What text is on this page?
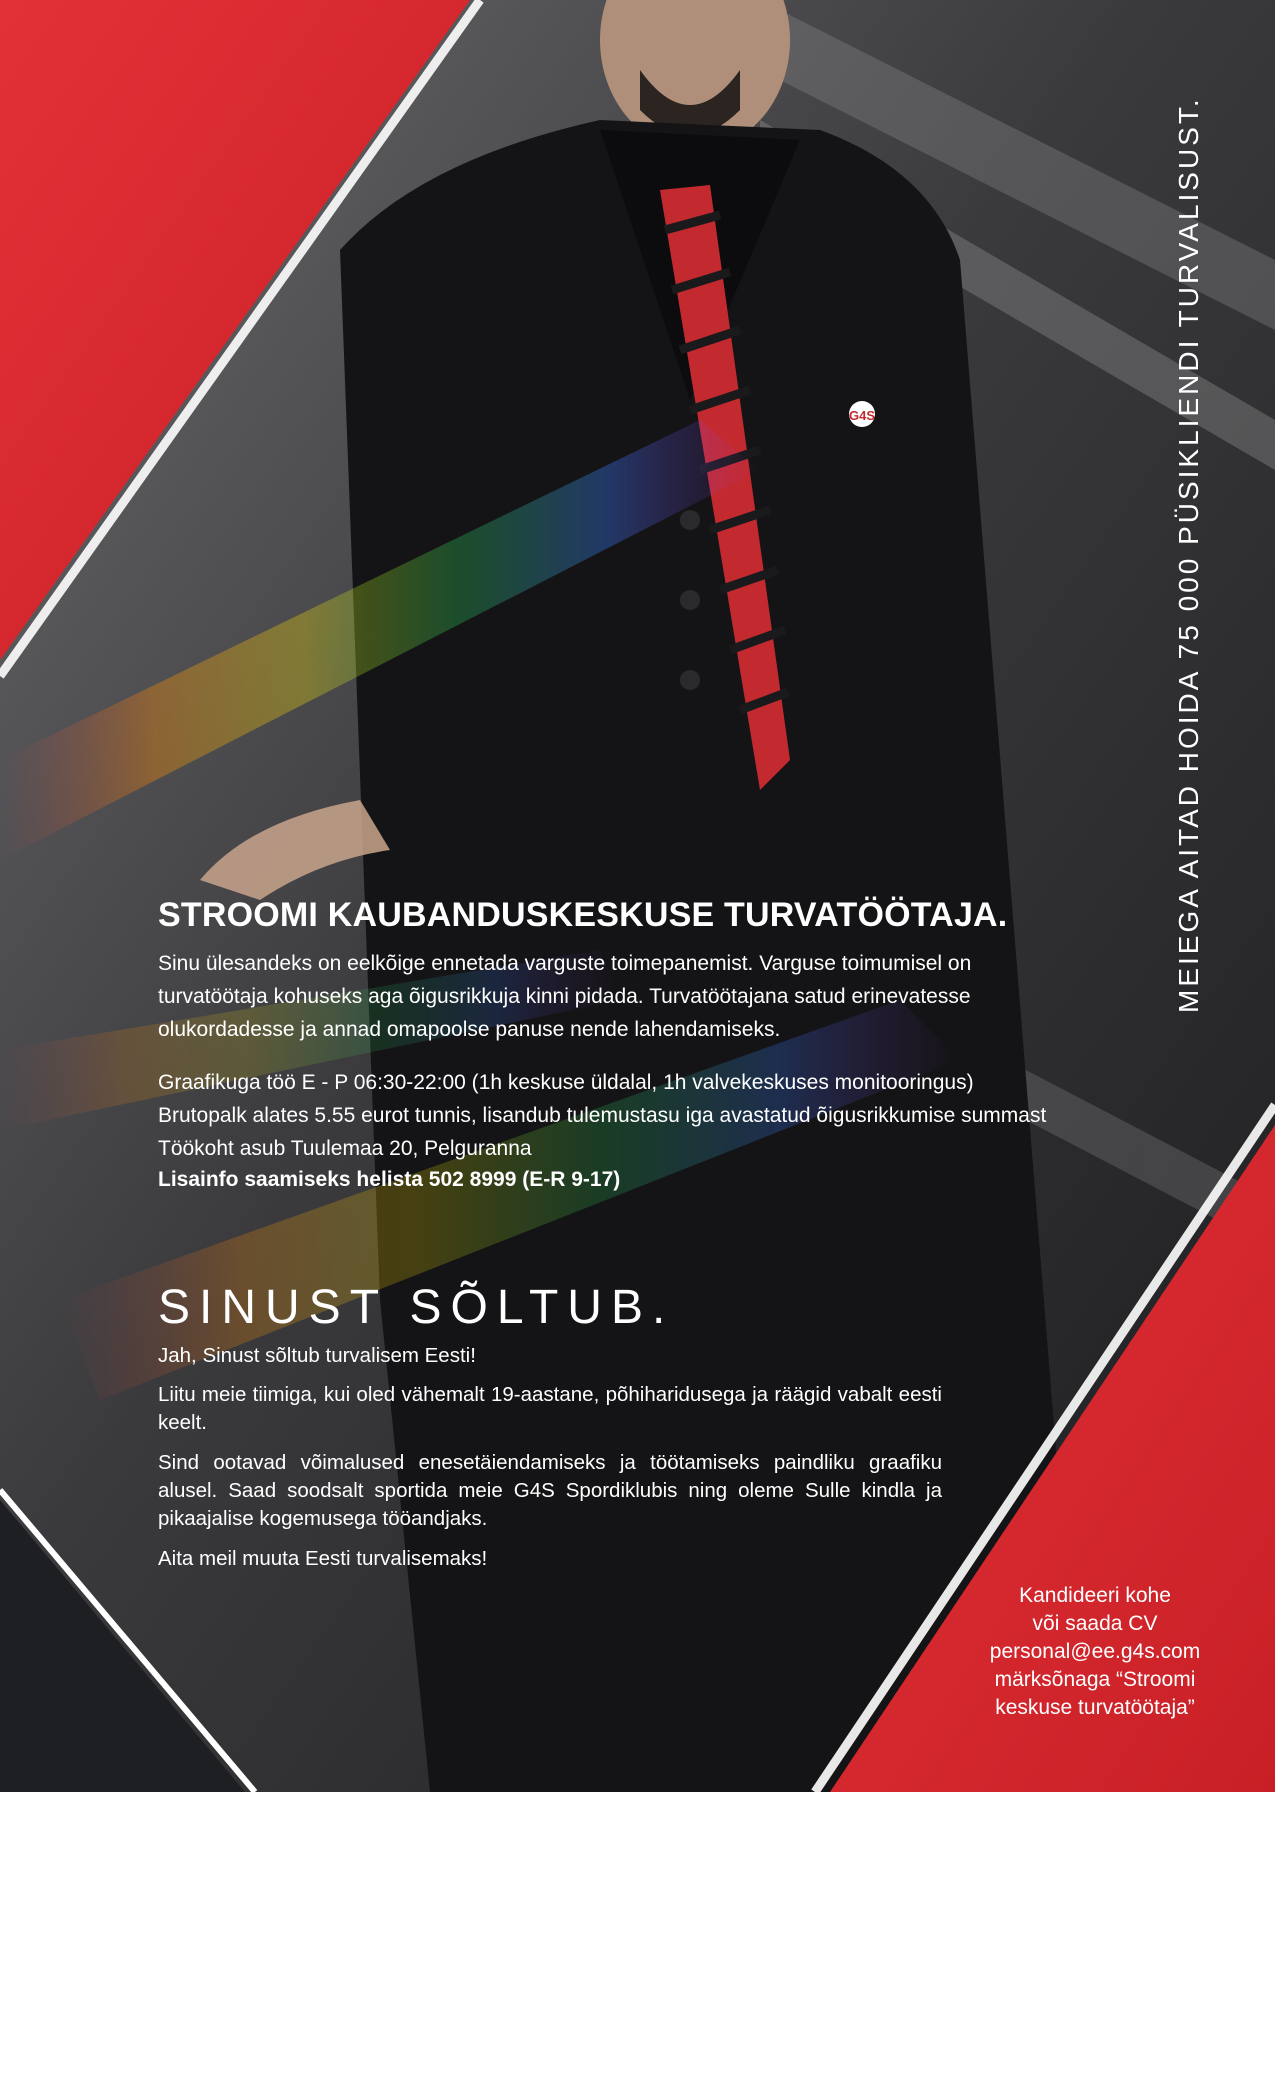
G4S	MEIEGA AITAD HOIDA 75 000 PÜSIKLIENDI TURVALISUST.
STROOMI KAUBANDUSKESKUSE TURVATÖÖTAJA.

Sinu ülesandeks on eelkõige ennetada varguste toimepanemist. Varguse toimumisel on turvatöötaja kohuseks aga õigusrikkuja kinni pidada. Turvatöötajana satud erinevatesse olukordadesse ja annad omapoolse panuse nende lahendamiseks.

Graafikuga töö E - P 06:30-22:00 (1h keskuse üldalal, 1h valvekeskuses monitooringus)
Brutopalk alates 5.55 eurot tunnis, lisandub tulemustasu iga avastatud õigusrikkumise summast
Töökoht asub Tuulemaa 20, Pelguranna
Lisainfo saamiseks helista 502 8999 (E-R 9-17)
SINUST SÕLTUB.

Jah, Sinust sõltub turvalisem Eesti!

Liitu meie tiimiga, kui oled vähemalt 19-aastane, põhiharidusega ja räägid vabalt eesti keelt.

Sind ootavad võimalused enesetäiendamiseks ja töötamiseks paindliku graafiku alusel. Saad soodsalt sportida meie G4S Spordiklubis ning oleme Sulle kindla ja pikaajalise kogemusega tööandjaks.

Aita meil muuta Eesti turvalisemaks!

Kandideeri kohe
või saada CV
personal@ee.g4s.com
märksõnaga “Stroomi
keskuse turvatöötaja”
